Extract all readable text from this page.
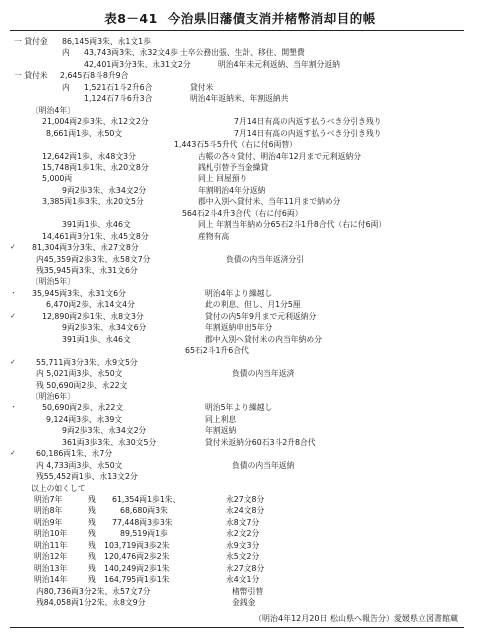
表8－41 今治県旧藩債支消并楮幣消却目的帳
一 貸付金 86,145両3朱、永1文1歩
内 43,743両3朱、永32文4歩 士卒公務出張、生計、移住、開墾費
42,401両3分3朱、永31文2分	明治4年未元利返納、当年割分返納
一 貸付米 2,645石8斗8升9合
内 1,521石1斗2升6合	貸付米
1,124石7斗6升3合	明治4年返納米、年割返納共
〔明治4年〕
21,004両2歩3朱、永12文2分	7月14日有高の内返す払うべき分引き残り
8,661両1歩、永50文	7月14日有高の内返す払うべき分引き残り
1,443石5斗5升代（右に付6両替）
12,642両1歩、永48文3分	古帳の各々貸付、明治4年12月まで元利返納分
15,748両1歩1朱、永20文8分	銭札引替予当金繰貸
5,000両	同上 回屋預り
9両2歩3朱、永34文2分	年割明治4年分返納
3,385両1歩3朱、永20文5分	郡中入別へ貸付米、当年11月まで納め分
564石2斗4升3合代（右に付6両）
391両1歩、永46文	同上 年割当年納め分65石2斗1升8合代（右に付6両）
14,461両3分1朱、永45文8分	産物有高
✓ 81,304両3分3朱、永27文8分
内45,359両2歩3朱、永58文7分	負債の内当年返済分引
残35,945両3朱、永31文6分
〔明治5年〕
・ 35,945両3朱、永31文6分	明治4年より繰越し
6,470両2歩、永14文4分	此の利息、但し、月1分5厘
✓	12,890両2歩1朱、永8文3分	貸付の内5年9月まで元利返納分
9両2歩3朱、永34文6分	年割返納申出5年分
391両1歩、永46文	郡中入別へ貸付米の内当年納め分
65石2斗1升6合代
✓	55,711両3分3朱、永9文5分
内 5,021両3歩、永50文	負債の内当年返済
残 50,690両2歩、永22文
〔明治6年〕
・	50,690両2歩、永22文	明治5年より繰越し
9,124両3歩、永39文	同上利息
9両2歩3朱、永34文2分	年割返納
361両3歩3朱、永30文5分	貸付米返納分60石3斗2升8合代
✓	60,186両1朱、永7分
内 4,733両3歩、永50文	負債の内当年返納
残55,452両1歩、永13文2分
以上の如くして
明治7年	残 61,354両1歩1朱、	永27文8分
明治8年	残	68,680両3朱	永24文8分
明治9年	残 77,448両3歩3朱	永8文7分
明治10年	残	89,519両1歩	永2文2分
明治11年	残 103,719両3歩2朱	永9文3分
明治12年	残 120,476両2歩2朱	永5文2分
明治13年	残 140,249両2歩1朱	永27文8分
明治14年	残 164,795両1歩1朱	永4文1分
内80,736両3分2朱、永57文7分	楮幣引替
残84,058両1分2朱、永8文9分	金銭金
（明治4年12月20日 松山県へ報告分）愛媛県立図書館蔵
